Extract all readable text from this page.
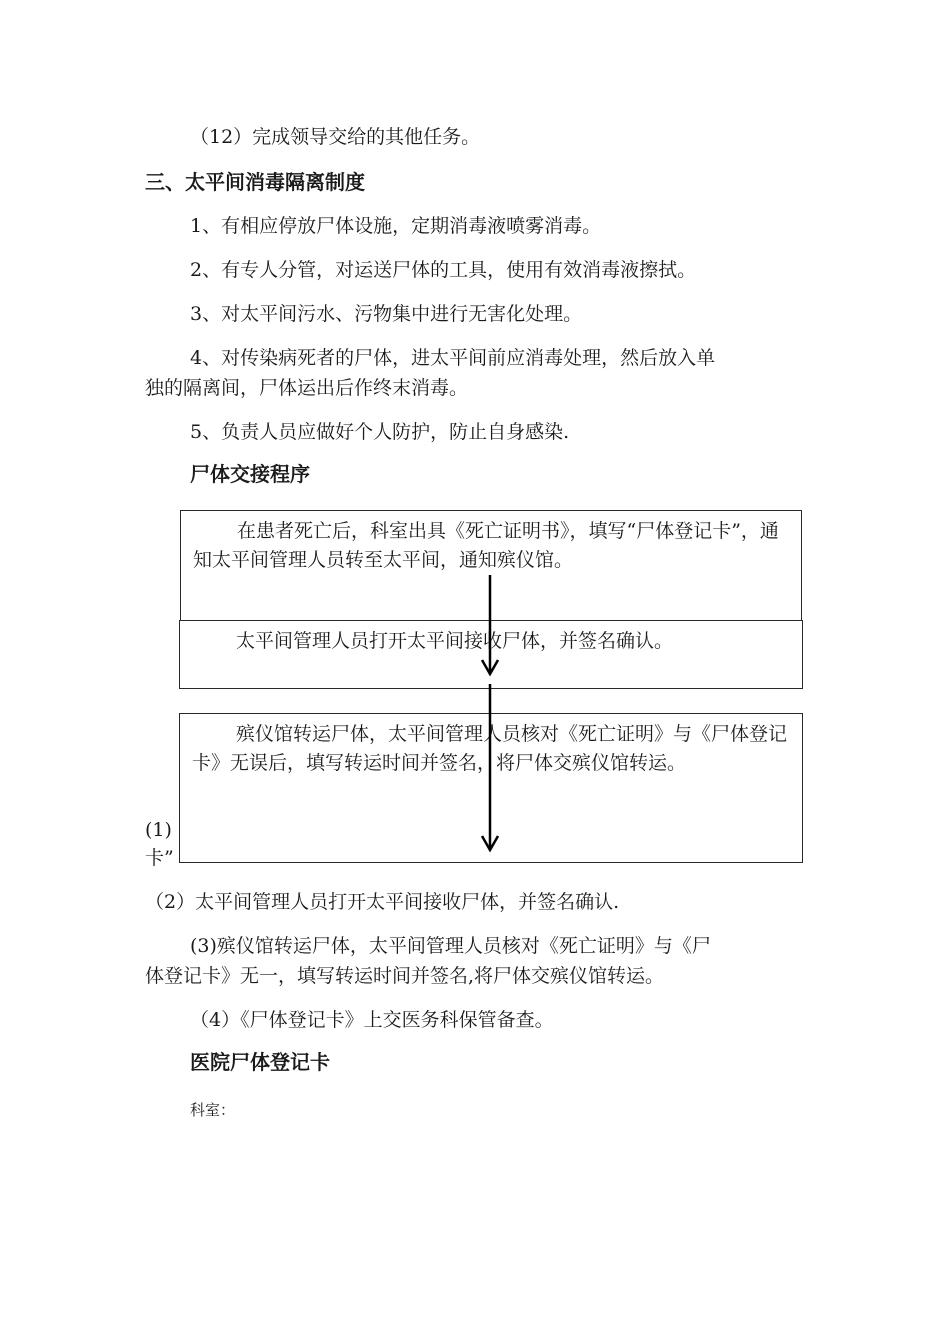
（12）完成领导交给的其他任务。
三、太平间消毒隔离制度
1、有相应停放尸体设施，定期消毒液喷雾消毒。
2、有专人分管，对运送尸体的工具，使用有效消毒液擦拭。
3、对太平间污水、污物集中进行无害化处理。
4、对传染病死者的尸体，进太平间前应消毒处理，然后放入单
独的隔离间，尸体运出后作终末消毒。
5、负责人员应做好个人防护，防止自身感染.
尸体交接程序
(1)
卡”
在患者死亡后，科室出具《死亡证明书》，填写“尸体登记卡”，通知太平间管理人员转至太平间，通知殡仪馆。
太平间管理人员打开太平间接收尸体，并签名确认。
殡仪馆转运尸体，太平间管理人员核对《死亡证明》与《尸体登记卡》无误后，填写转运时间并签名，将尸体交殡仪馆转运。
（2）太平间管理人员打开太平间接收尸体，并签名确认.
(3)殡仪馆转运尸体，太平间管理人员核对《死亡证明》与《尸
体登记卡》无一，填写转运时间并签名,将尸体交殡仪馆转运。
（4）《尸体登记卡》上交医务科保管备查。
医院尸体登记卡
科室：
